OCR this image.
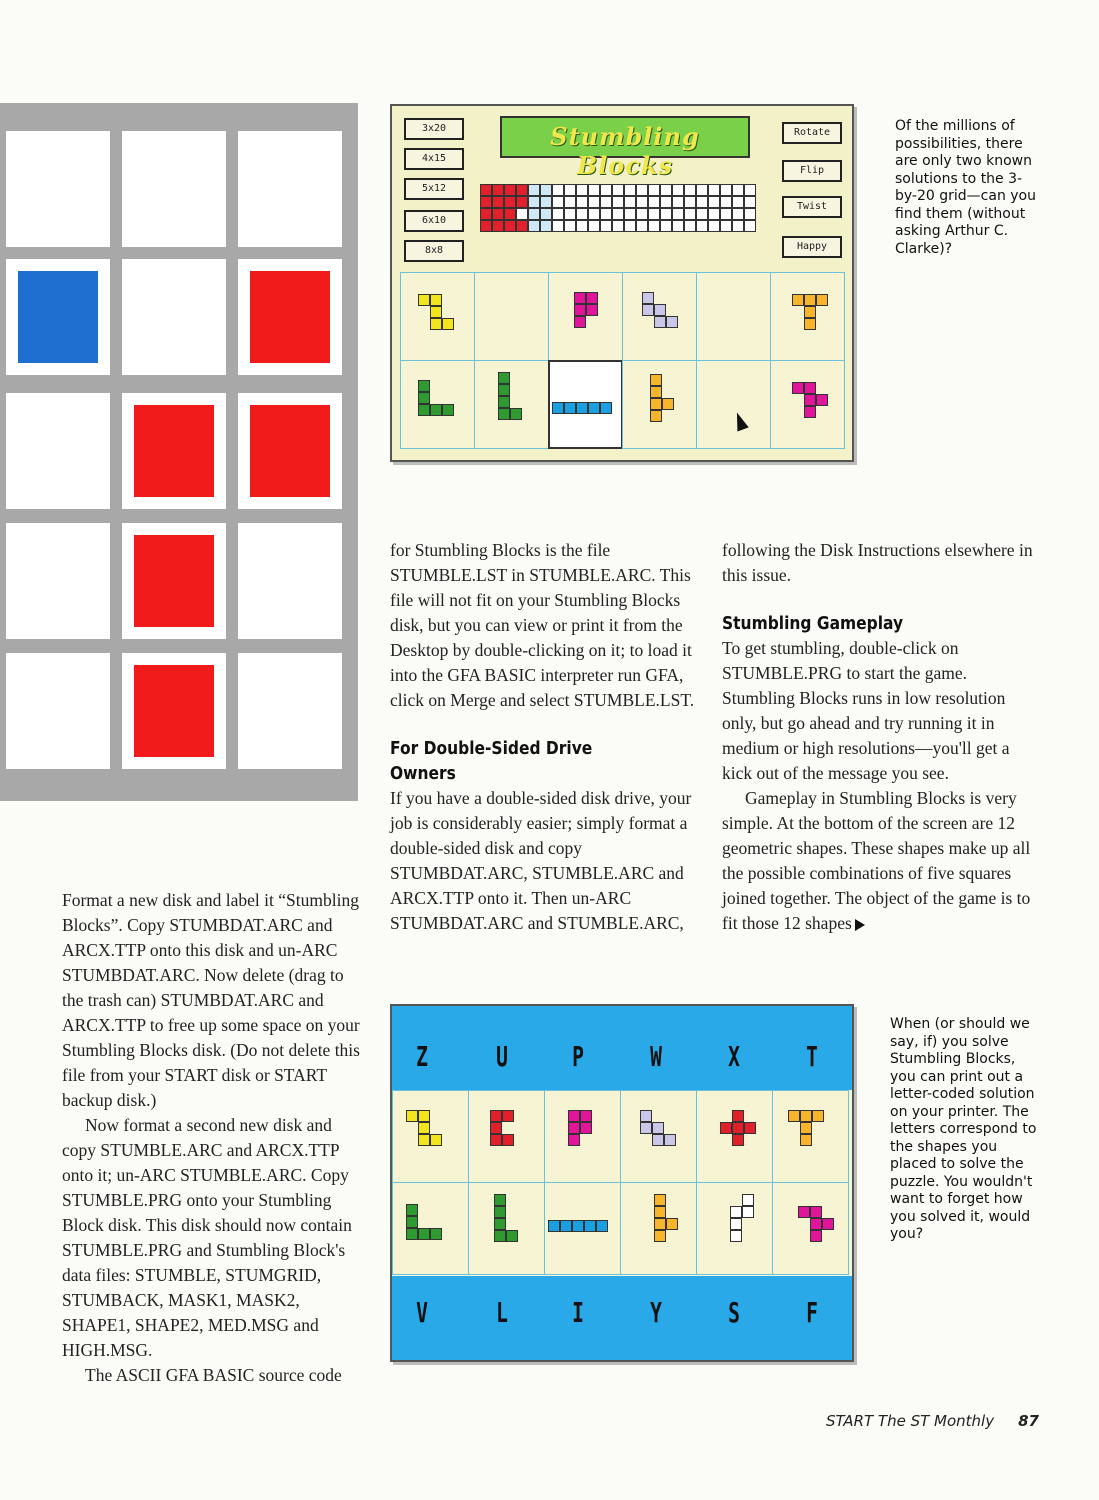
3x20
4x15
5x12
6x10
8x8
Stumbling Blocks
Rotate
Flip
Twist
Happy
Of the millions of possibilities, there are only two known solutions to the 3-by-20 grid—can you find them (without asking Arthur C. Clarke)?

Format a new disk and label it “Stumbling Blocks”. Copy STUMBDAT.ARC and ARCX.TTP onto this disk and un-ARC STUMBDAT.ARC. Now delete (drag to the trash can) STUMBDAT.ARC and ARCX.TTP to free up some space on your Stumbling Blocks disk. (Do not delete this file from your START disk or START backup disk.)

Now format a second new disk and copy STUMBLE.ARC and ARCX.TTP onto it; un-ARC STUMBLE.ARC. Copy STUMBLE.PRG onto your Stumbling Block disk. This disk should now contain STUMBLE.PRG and Stumbling Block's data files: STUMBLE, STUMGRID, STUMBACK, MASK1, MASK2, SHAPE1, SHAPE2, MED.MSG and HIGH.MSG.

The ASCII GFA BASIC source code

for Stumbling Blocks is the file STUMBLE.LST in STUMBLE.ARC. This file will not fit on your Stumbling Blocks disk, but you can view or print it from the Desktop by double-clicking on it; to load it into the GFA BASIC interpreter run GFA, click on Merge and select STUMBLE.LST.

For Double-Sided Drive Owners

If you have a double-sided disk drive, your job is considerably easier; simply format a double-sided disk and copy STUMBDAT.ARC, STUMBLE.ARC and ARCX.TTP onto it. Then un-ARC STUMBDAT.ARC and STUMBLE.ARC,

following the Disk Instructions elsewhere in this issue.

Stumbling Gameplay

To get stumbling, double-click on STUMBLE.PRG to start the game. Stumbling Blocks runs in low resolution only, but go ahead and try running it in medium or high resolutions—you'll get a kick out of the message you see.

Gameplay in Stumbling Blocks is very simple. At the bottom of the screen are 12 geometric shapes. These shapes make up all the possible combinations of five squares joined together. The object of the game is to fit those 12 shapes

Z U P W X T
V L I Y S F
When (or should we say, if) you solve Stumbling Blocks, you can print out a letter-coded solution on your printer. The letters correspond to the shapes you placed to solve the puzzle. You wouldn't want to forget how you solved it, would you?
START The ST Monthly 87
